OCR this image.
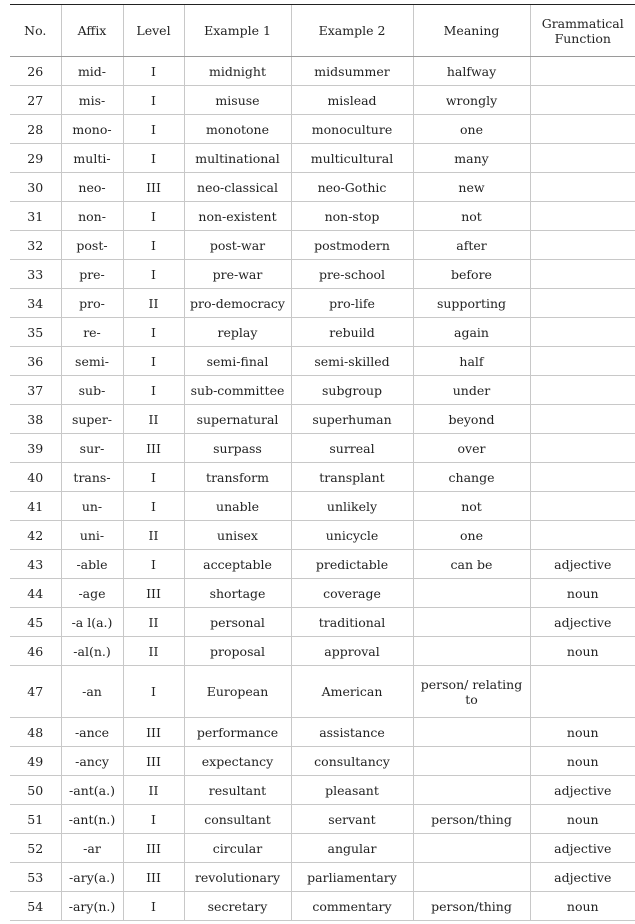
No.	Affix	Level	Example 1	Example 2	Meaning	Grammatical Function
26	mid-	I	midnight	midsummer	halfway	
27	mis-	I	misuse	mislead	wrongly	
28	mono-	I	monotone	monoculture	one	
29	multi-	I	multinational	multicultural	many	
30	neo-	III	neo-classical	neo-Gothic	new	
31	non-	I	non-existent	non-stop	not	
32	post-	I	post-war	postmodern	after	
33	pre-	I	pre-war	pre-school	before	
34	pro-	II	pro-democracy	pro-life	supporting	
35	re-	I	replay	rebuild	again	
36	semi-	I	semi-final	semi-skilled	half	
37	sub-	I	sub-committee	subgroup	under	
38	super-	II	supernatural	superhuman	beyond	
39	sur-	III	surpass	surreal	over	
40	trans-	I	transform	transplant	change	
41	un-	I	unable	unlikely	not	
42	uni-	II	unisex	unicycle	one	
43	-able	I	acceptable	predictable	can be	adjective
44	-age	III	shortage	coverage		noun
45	-a l(a.)	II	personal	traditional		adjective
46	-al(n.)	II	proposal	approval		noun
47	-an	I	European	American	person/ relating to	
48	-ance	III	performance	assistance		noun
49	-ancy	III	expectancy	consultancy		noun
50	-ant(a.)	II	resultant	pleasant		adjective
51	-ant(n.)	I	consultant	servant	person/thing	noun
52	-ar	III	circular	angular		adjective
53	-ary(a.)	III	revolutionary	parliamentary		adjective
54	-ary(n.)	I	secretary	commentary	person/thing	noun
